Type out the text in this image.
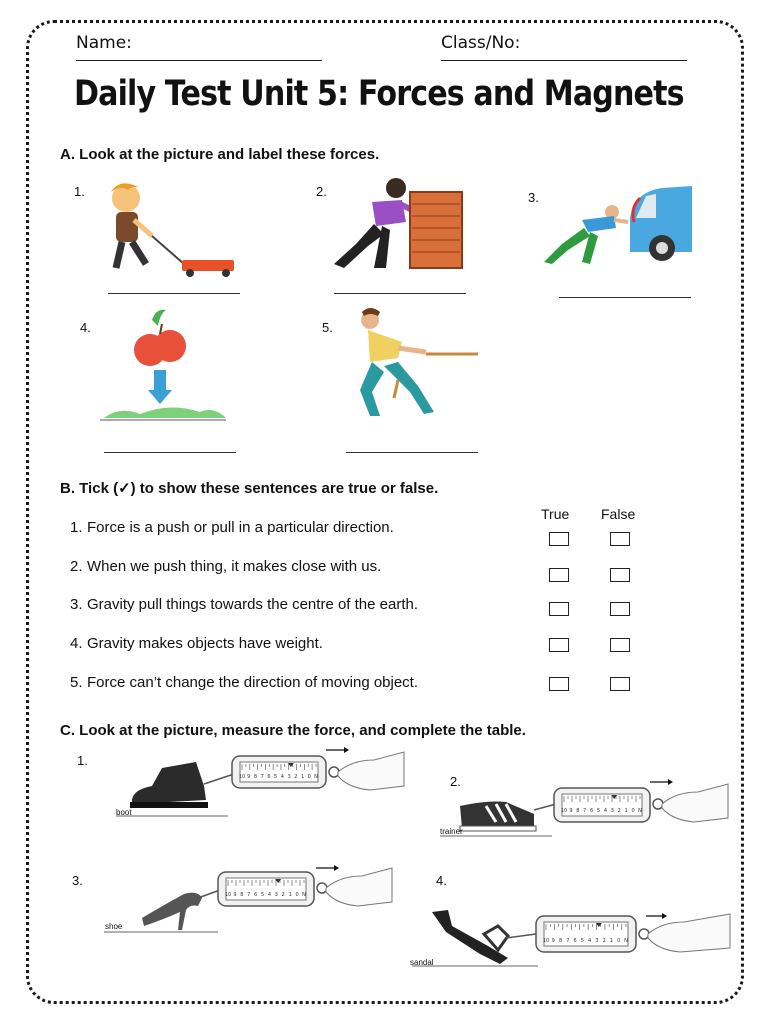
Name:	Class/No:
Daily Test Unit 5: Forces and Magnets
A. Look at the picture and label these forces.
1.	2.	3.
4.	5.
B. Tick (✓) to show these sentences are true or false.
True False
1. Force is a push or pull in a particular direction.
2. When we push thing, it makes close with us.
3. Gravity pull things towards the centre of the earth.
4. Gravity makes objects have weight.
5. Force can’t change the direction of moving object.
C. Look at the picture, measure the force, and complete the table.
1.
10 9 8 7 6 5 4 3 2 1 0 N
boot
2.
10 9 8 7 6 5 4 3 2 1 0 N
trainer
3.
10 9 8 7 6 5 4 3 2 1 0 N
shoe
4.
10 9 8 7 6 5 4 3 2 1 0 N
sandal
